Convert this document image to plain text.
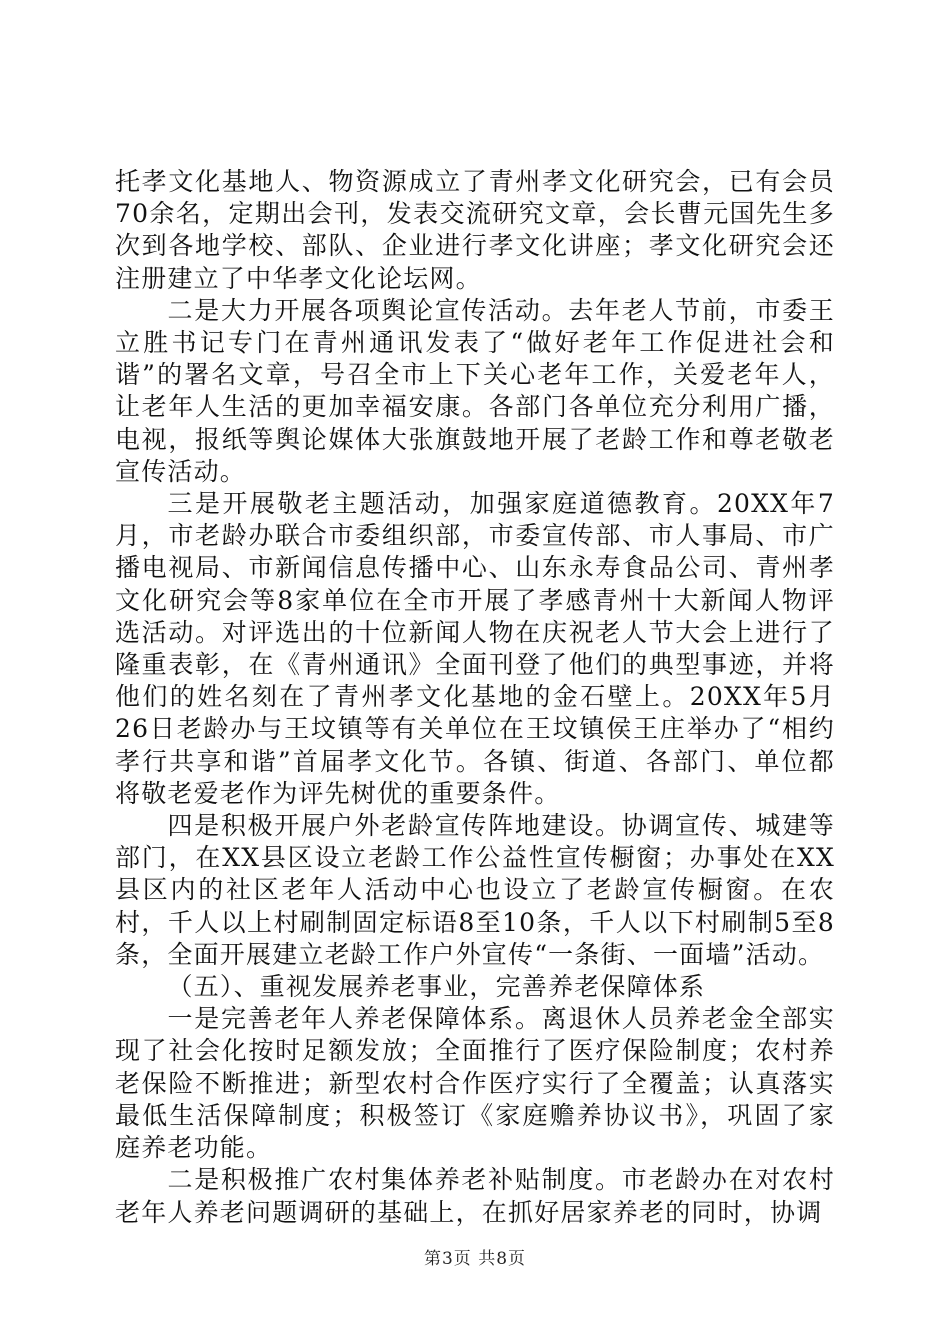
托孝文化基地人、物资源成立了青州孝文化研究会，已有会员70余名，定期出会刊，发表交流研究文章，会长曹元国先生多次到各地学校、部队、企业进行孝文化讲座；孝文化研究会还注册建立了中华孝文化论坛网。

二是大力开展各项舆论宣传活动。去年老人节前，市委王立胜书记专门在青州通讯发表了“做好老年工作促进社会和谐”的署名文章，号召全市上下关心老年工作，关爱老年人，让老年人生活的更加幸福安康。各部门各单位充分利用广播，电视，报纸等舆论媒体大张旗鼓地开展了老龄工作和尊老敬老宣传活动。

三是开展敬老主题活动，加强家庭道德教育。20XX年7月，市老龄办联合市委组织部，市委宣传部、市人事局、市广播电视局、市新闻信息传播中心、山东永寿食品公司、青州孝文化研究会等8家单位在全市开展了孝感青州十大新闻人物评选活动。对评选出的十位新闻人物在庆祝老人节大会上进行了隆重表彰，在《青州通讯》全面刊登了他们的典型事迹，并将他们的姓名刻在了青州孝文化基地的金石壁上。20XX年5月26日老龄办与王坟镇等有关单位在王坟镇侯王庄举办了“相约孝行共享和谐”首届孝文化节。各镇、街道、各部门、单位都将敬老爱老作为评先树优的重要条件。

四是积极开展户外老龄宣传阵地建设。协调宣传、城建等部门，在XX县区设立老龄工作公益性宣传橱窗；办事处在XX县区内的社区老年人活动中心也设立了老龄宣传橱窗。在农村，千人以上村刷制固定标语8至10条，千人以下村刷制5至8条，全面开展建立老龄工作户外宣传“一条街、一面墙”活动。

（五）、重视发展养老事业，完善养老保障体系

一是完善老年人养老保障体系。离退休人员养老金全部实现了社会化按时足额发放；全面推行了医疗保险制度；农村养老保险不断推进；新型农村合作医疗实行了全覆盖；认真落实最低生活保障制度；积极签订《家庭赡养协议书》，巩固了家庭养老功能。

二是积极推广农村集体养老补贴制度。市老龄办在对农村老年人养老问题调研的基础上，在抓好居家养老的同时，协调

第3页 共8页
